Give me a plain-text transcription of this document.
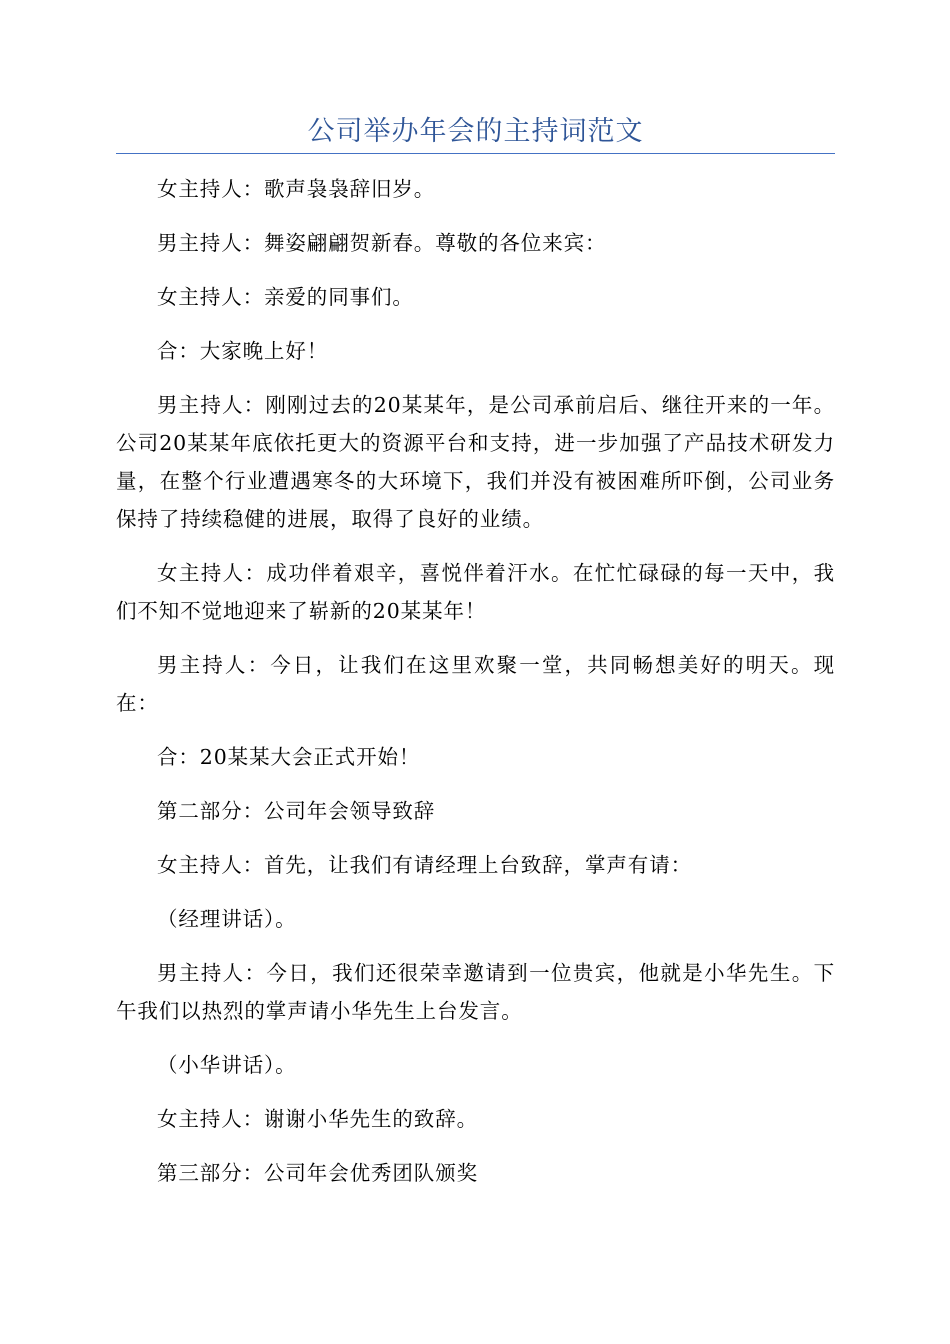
公司举办年会的主持词范文

女主持人：歌声袅袅辞旧岁。

男主持人：舞姿翩翩贺新春。尊敬的各位来宾：

女主持人：亲爱的同事们。

合：大家晚上好！

男主持人：刚刚过去的20某某年，是公司承前启后、继往开来的一年。公司20某某年底依托更大的资源平台和支持，进一步加强了产品技术研发力量，在整个行业遭遇寒冬的大环境下，我们并没有被困难所吓倒，公司业务保持了持续稳健的进展，取得了良好的业绩。

女主持人：成功伴着艰辛，喜悦伴着汗水。在忙忙碌碌的每一天中，我们不知不觉地迎来了崭新的20某某年！

男主持人：今日，让我们在这里欢聚一堂，共同畅想美好的明天。现在：

合：20某某大会正式开始！

第二部分：公司年会领导致辞

女主持人：首先，让我们有请经理上台致辞，掌声有请：

（经理讲话）。

男主持人：今日，我们还很荣幸邀请到一位贵宾，他就是小华先生。下午我们以热烈的掌声请小华先生上台发言。

（小华讲话）。

女主持人：谢谢小华先生的致辞。

第三部分：公司年会优秀团队颁奖
